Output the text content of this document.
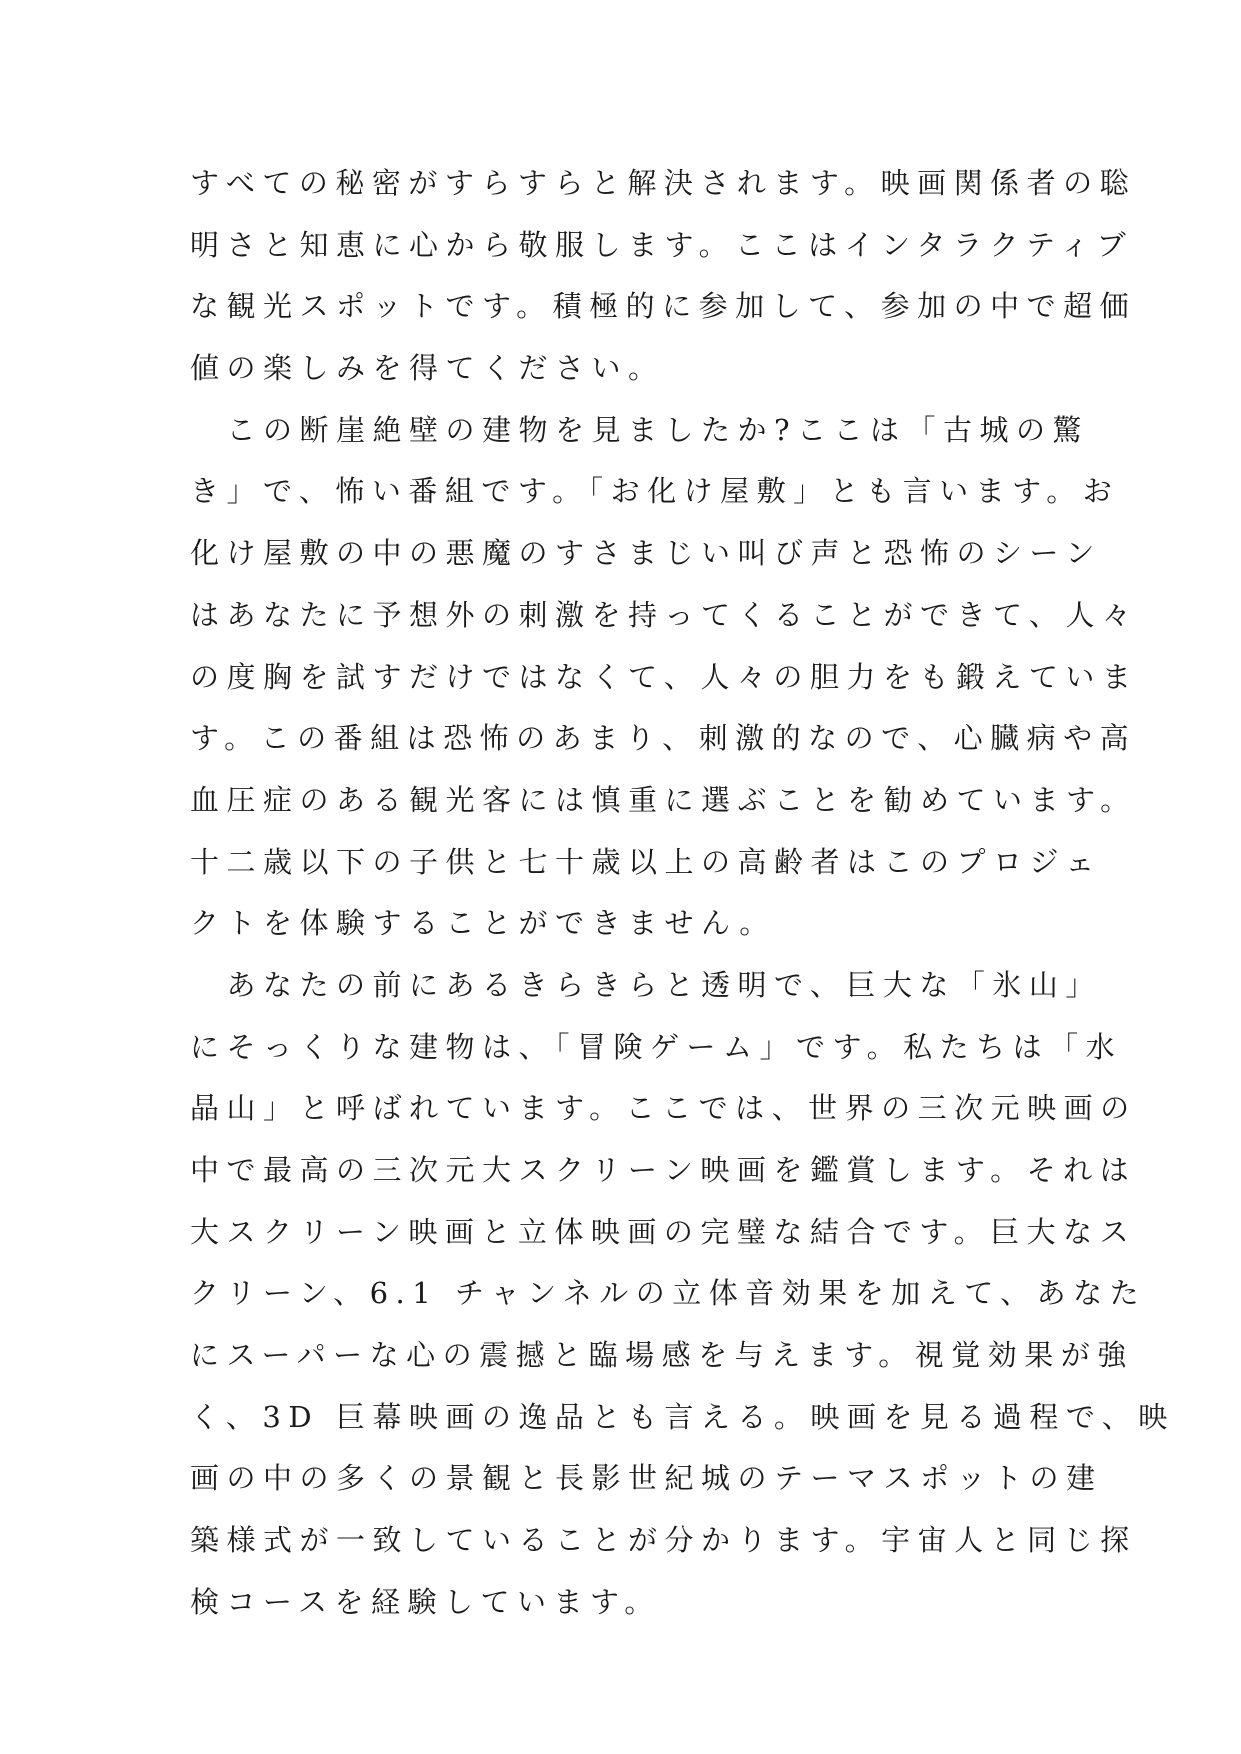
すべての秘密がすらすらと解決されます。映画関係者の聡
明さと知恵に心から敬服します。ここはインタラクティブ
な観光スポットです。積極的に参加して、参加の中で超価
値の楽しみを得てください。
　この断崖絶壁の建物を見ましたか?ここは「古城の驚
き」で、怖い番組です。「お化け屋敷」とも言います。お
化け屋敷の中の悪魔のすさまじい叫び声と恐怖のシーン
はあなたに予想外の刺激を持ってくることができて、人々
の度胸を試すだけではなくて、人々の胆力をも鍛えていま
す。この番組は恐怖のあまり、刺激的なので、心臓病や高
血圧症のある観光客には慎重に選ぶことを勧めています。
十二歳以下の子供と七十歳以上の高齢者はこのプロジェ
クトを体験することができません。
　あなたの前にあるきらきらと透明で、巨大な「氷山」
にそっくりな建物は、「冒険ゲーム」です。私たちは「水
晶山」と呼ばれています。ここでは、世界の三次元映画の
中で最高の三次元大スクリーン映画を鑑賞します。それは
大スクリーン映画と立体映画の完璧な結合です。巨大なス
クリーン、6.1 チャンネルの立体音効果を加えて、あなた
にスーパーな心の震撼と臨場感を与えます。視覚効果が強
く、3D 巨幕映画の逸品とも言える。映画を見る過程で、映
画の中の多くの景観と長影世紀城のテーマスポットの建
築様式が一致していることが分かります。宇宙人と同じ探
検コースを経験しています。
